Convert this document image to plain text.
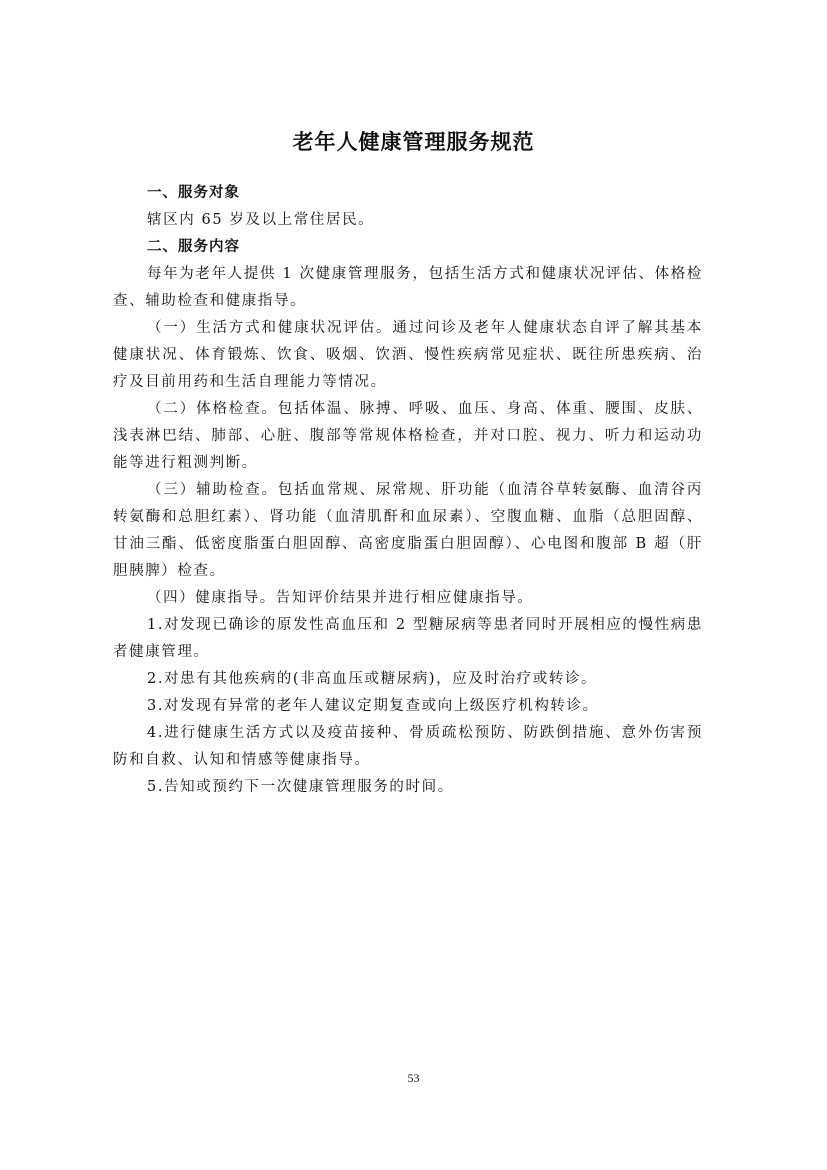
老年人健康管理服务规范

一、服务对象

辖区内 65 岁及以上常住居民。

二、服务内容

每年为老年人提供 1 次健康管理服务，包括生活方式和健康状况评估、体格检查、辅助检查和健康指导。

（一）生活方式和健康状况评估。通过问诊及老年人健康状态自评了解其基本健康状况、体育锻炼、饮食、吸烟、饮酒、慢性疾病常见症状、既往所患疾病、治疗及目前用药和生活自理能力等情况。

（二）体格检查。包括体温、脉搏、呼吸、血压、身高、体重、腰围、皮肤、浅表淋巴结、肺部、心脏、腹部等常规体格检查，并对口腔、视力、听力和运动功能等进行粗测判断。

（三）辅助检查。包括血常规、尿常规、肝功能（血清谷草转氨酶、血清谷丙转氨酶和总胆红素）、肾功能（血清肌酐和血尿素）、空腹血糖、血脂（总胆固醇、甘油三酯、低密度脂蛋白胆固醇、高密度脂蛋白胆固醇）、心电图和腹部 B 超（肝胆胰脾）检查。

（四）健康指导。告知评价结果并进行相应健康指导。

1.对发现已确诊的原发性高血压和 2 型糖尿病等患者同时开展相应的慢性病患者健康管理。

2.对患有其他疾病的(非高血压或糖尿病)，应及时治疗或转诊。

3.对发现有异常的老年人建议定期复查或向上级医疗机构转诊。

4.进行健康生活方式以及疫苗接种、骨质疏松预防、防跌倒措施、意外伤害预防和自救、认知和情感等健康指导。

5.告知或预约下一次健康管理服务的时间。

53
